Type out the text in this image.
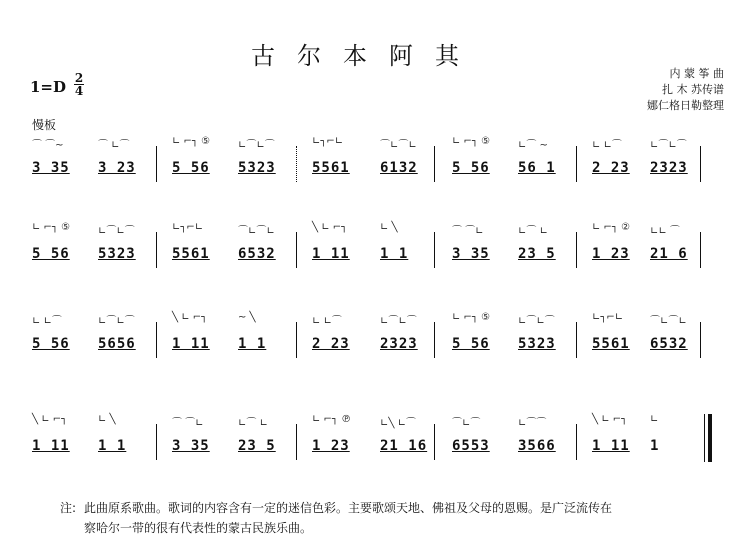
古尔本阿其
内 蒙 筝 曲
扎 木 苏传谱
娜仁格日勒整理
1=D 2
4
慢板
⌒ ⌒~
3 35
⌒ ∟⌒
3 23
∟ ⌐┐ ⑤
5 56
∟⌒∟⌒
5323
∟┐⌐∟
5561
⌒∟⌒∟
6132
∟ ⌐┐ ⑤
5 56
∟⌒ ~
56 1
∟ ∟⌒
2 23
∟⌒∟⌒
2323
∟ ⌐┐ ⑤
5 56
∟⌒∟⌒
5323
∟┐⌐∟
5561
⌒∟⌒∟
6532
╲ ∟ ⌐┐
1 11
∟ ╲
1 1
⌒ ⌒∟
3 35
∟⌒ ∟
23 5
∟ ⌐┐ ②
1 23
∟∟ ⌒
21 6
∟ ∟⌒
5 56
∟⌒∟⌒
5656
╲ ∟ ⌐┐
1 11
~ ╲
1 1
∟ ∟⌒
2 23
∟⌒∟⌒
2323
∟ ⌐┐ ⑤
5 56
∟⌒∟⌒
5323
∟┐⌐∟
5561
⌒∟⌒∟
6532
╲ ∟ ⌐┐
1 11
∟ ╲
1 1
⌒ ⌒∟
3 35
∟⌒ ∟
23 5
∟ ⌐┐ ℗
1 23
∟╲ ∟⌒
21 16
⌒∟⌒
6553
∟⌒⌒
3566
╲ ∟ ⌐┐
1 11
∟
1
注: 此曲原系歌曲。歌词的内容含有一定的迷信色彩。主要歌颂天地、佛祖及父母的恩赐。是广泛流传在
察哈尔一带的很有代表性的蒙古民族乐曲。
